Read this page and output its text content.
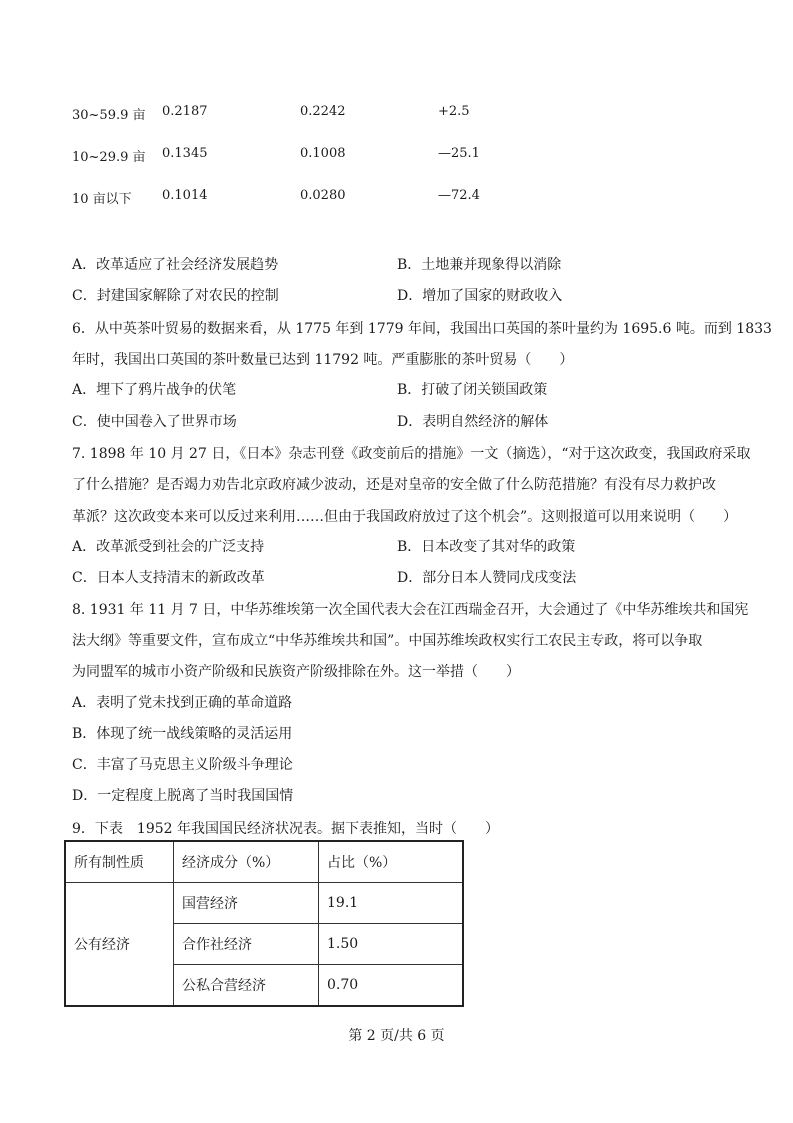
30~59.9 亩 0.2187	0.2242	+2.5
10~29.9 亩 0.1345	0.1008	—25.1
10 亩以下 0.1014	0.0280	—72.4
A．改革适应了社会经济发展趋势	B．土地兼并现象得以消除
C．封建国家解除了对农民的控制	D．增加了国家的财政收入
6．从中英茶叶贸易的数据来看，从 1775 年到 1779 年间，我国出口英国的茶叶量约为 1695.6 吨。而到 1833
年时，我国出口英国的茶叶数量已达到 11792 吨。严重膨胀的茶叶贸易（　　）
A．埋下了鸦片战争的伏笔	B．打破了闭关锁国政策
C．使中国卷入了世界市场	D．表明自然经济的解体
7. 1898 年 10 月 27 日，《日本》杂志刊登《政变前后的措施》一文（摘选），“对于这次政变，我国政府采取
了什么措施？是否竭力劝告北京政府减少波动，还是对皇帝的安全做了什么防范措施？有没有尽力救护改
革派？这次政变本来可以反过来利用……但由于我国政府放过了这个机会”。这则报道可以用来说明（　　）
A．改革派受到社会的广泛支持	B．日本改变了其对华的政策
C．日本人支持清末的新政改革	D．部分日本人赞同戊戌变法
8. 1931 年 11 月 7 日，中华苏维埃第一次全国代表大会在江西瑞金召开，大会通过了《中华苏维埃共和国宪
法大纲》等重要文件，宣布成立“中华苏维埃共和国”。中国苏维埃政权实行工农民主专政，将可以争取
为同盟军的城市小资产阶级和民族资产阶级排除在外。这一举措（　　）
A．表明了党未找到正确的革命道路
B．体现了统一战线策略的灵活运用
C．丰富了马克思主义阶级斗争理论
D．一定程度上脱离了当时我国国情
9．下表　1952 年我国国民经济状况表。据下表推知，当时（　　）
所有制性质	经济成分（%）	占比（%）
公有经济	国营经济	19.1
	合作社经济	1.50
	公私合营经济	0.70
第 2 页/共 6 页
